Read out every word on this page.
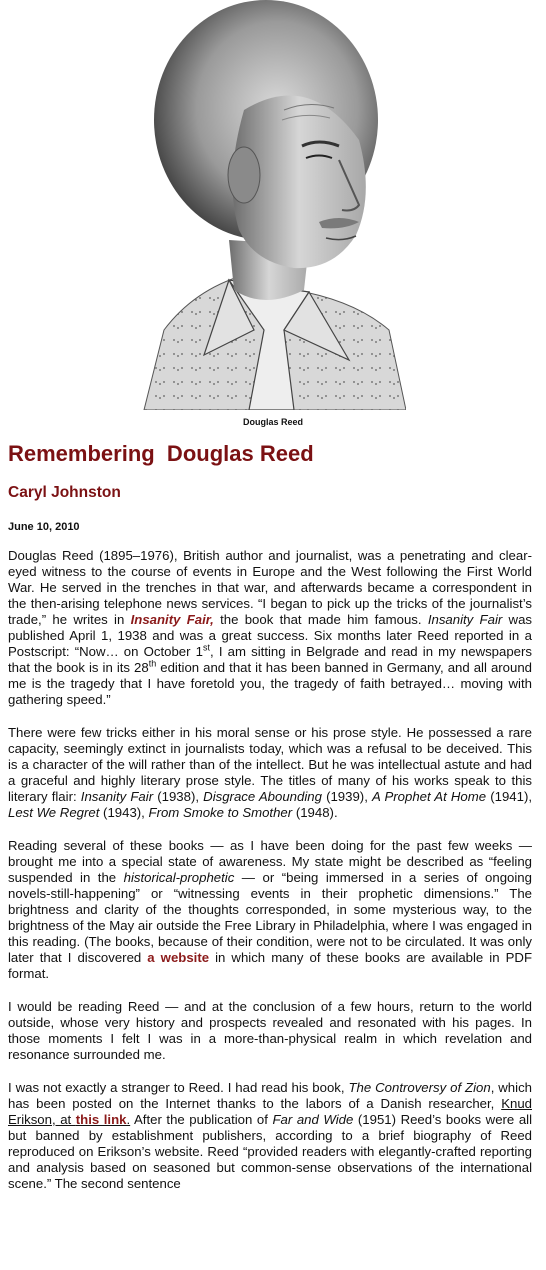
Douglas Reed
Remembering  Douglas Reed
Caryl Johnston
June 10, 2010

Douglas Reed (1895–1976), British author and journalist, was a penetrating and clear-eyed witness to the course of events in Europe and the West following the First World War. He served in the trenches in that war, and afterwards became a correspondent in the then-arising telephone news services. “I began to pick up the tricks of the journalist’s trade,” he writes in Insanity Fair, the book that made him famous. Insanity Fair was published April 1, 1938 and was a great success. Six months later Reed reported in a Postscript: “Now… on October 1st, I am sitting in Belgrade and read in my newspapers that the book is in its 28th edition and that it has been banned in Germany, and all around me is the tragedy that I have foretold you, the tragedy of faith betrayed… moving with gathering speed.”

There were few tricks either in his moral sense or his prose style. He possessed a rare capacity, seemingly extinct in journalists today, which was a refusal to be deceived. This is a character of the will rather than of the intellect. But he was intellectual astute and had a graceful and highly literary prose style. The titles of many of his works speak to this literary flair: Insanity Fair (1938), Disgrace Abounding (1939), A Prophet At Home (1941), Lest We Regret (1943), From Smoke to Smother (1948).

Reading several of these books — as I have been doing for the past few weeks — brought me into a special state of awareness. My state might be described as “feeling suspended in the historical-prophetic — or “being immersed in a series of ongoing novels-still-happening” or “witnessing events in their prophetic dimensions.” The brightness and clarity of the thoughts corresponded, in some mysterious way, to the brightness of the May air outside the Free Library in Philadelphia, where I was engaged in this reading. (The books, because of their condition, were not to be circulated. It was only later that I discovered a website in which many of these books are available in PDF format.

I would be reading Reed — and at the conclusion of a few hours, return to the world outside, whose very history and prospects revealed and resonated with his pages. In those moments I felt I was in a more-than-physical realm in which revelation and resonance surrounded me.

I was not exactly a stranger to Reed. I had read his book, The Controversy of Zion, which has been posted on the Internet thanks to the labors of a Danish researcher, Knud Erikson, at this link. After the publication of Far and Wide (1951) Reed’s books were all but banned by establishment publishers, according to a brief biography of Reed reproduced on Erikson’s website. Reed “provided readers with elegantly-crafted reporting and analysis based on seasoned but common-sense observations of the international scene.” The second sentence
